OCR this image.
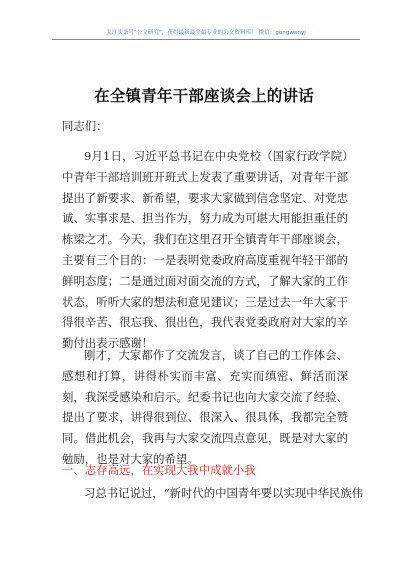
关注头条号"公文研究"，获得最新最全最专业的公文资料库！ 微信：gongwenyj
在全镇青年干部座谈会上的讲话
同志们：
9月1日，习近平总书记在中央党校（国家行政学院）中青年干部培训班开班式上发表了重要讲话，对青年干部提出了新要求、新希望，要求大家做到信念坚定、对党忠诚、实事求是、担当作为，努力成为可堪大用能担重任的栋梁之才。今天，我们在这里召开全镇青年干部座谈会，主要有三个目的：一是表明党委政府高度重视年轻干部的鲜明态度；二是通过面对面交流的方式，了解大家的工作状态，听听大家的想法和意见建议；三是过去一年大家干得很辛苦、很忘我、很出色，我代表党委政府对大家的辛勤付出表示感谢！
刚才，大家都作了交流发言，谈了自己的工作体会、感想和打算，讲得朴实而丰富、充实而缜密、鲜活而深刻，我深受感染和启示。纪委书记也向大家交流了经验、提出了要求，讲得很到位、很深入、很具体，我都完全赞同。借此机会，我再与大家交流四点意见，既是对大家的勉励，也是对大家的希望。
一、志存高远，在实现大我中成就小我
习总书记说过，“新时代的中国青年要以实现中华民族伟
